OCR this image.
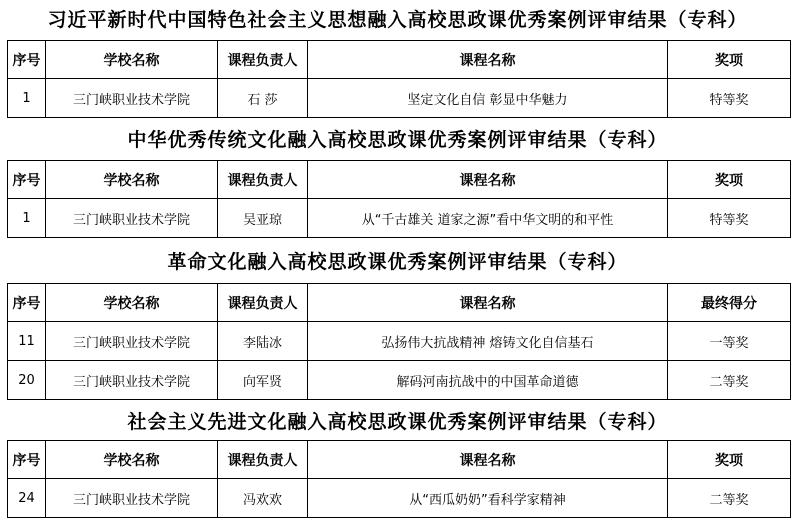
习近平新时代中国特色社会主义思想融入高校思政课优秀案例评审结果（专科）
序号	学校名称	课程负责人	课程名称	奖项
1	三门峡职业技术学院	石 莎	坚定文化自信 彰显中华魅力	特等奖
中华优秀传统文化融入高校思政课优秀案例评审结果（专科）
序号	学校名称	课程负责人	课程名称	奖项
1	三门峡职业技术学院	吴亚琼	从“千古雄关 道家之源”看中华文明的和平性	特等奖
革命文化融入高校思政课优秀案例评审结果（专科）
序号	学校名称	课程负责人	课程名称	最终得分
11	三门峡职业技术学院	李陆冰	弘扬伟大抗战精神 熔铸文化自信基石	一等奖
20	三门峡职业技术学院	向军贤	解码河南抗战中的中国革命道德	二等奖
社会主义先进文化融入高校思政课优秀案例评审结果（专科）
序号	学校名称	课程负责人	课程名称	奖项
24	三门峡职业技术学院	冯欢欢	从“西瓜奶奶”看科学家精神	二等奖
